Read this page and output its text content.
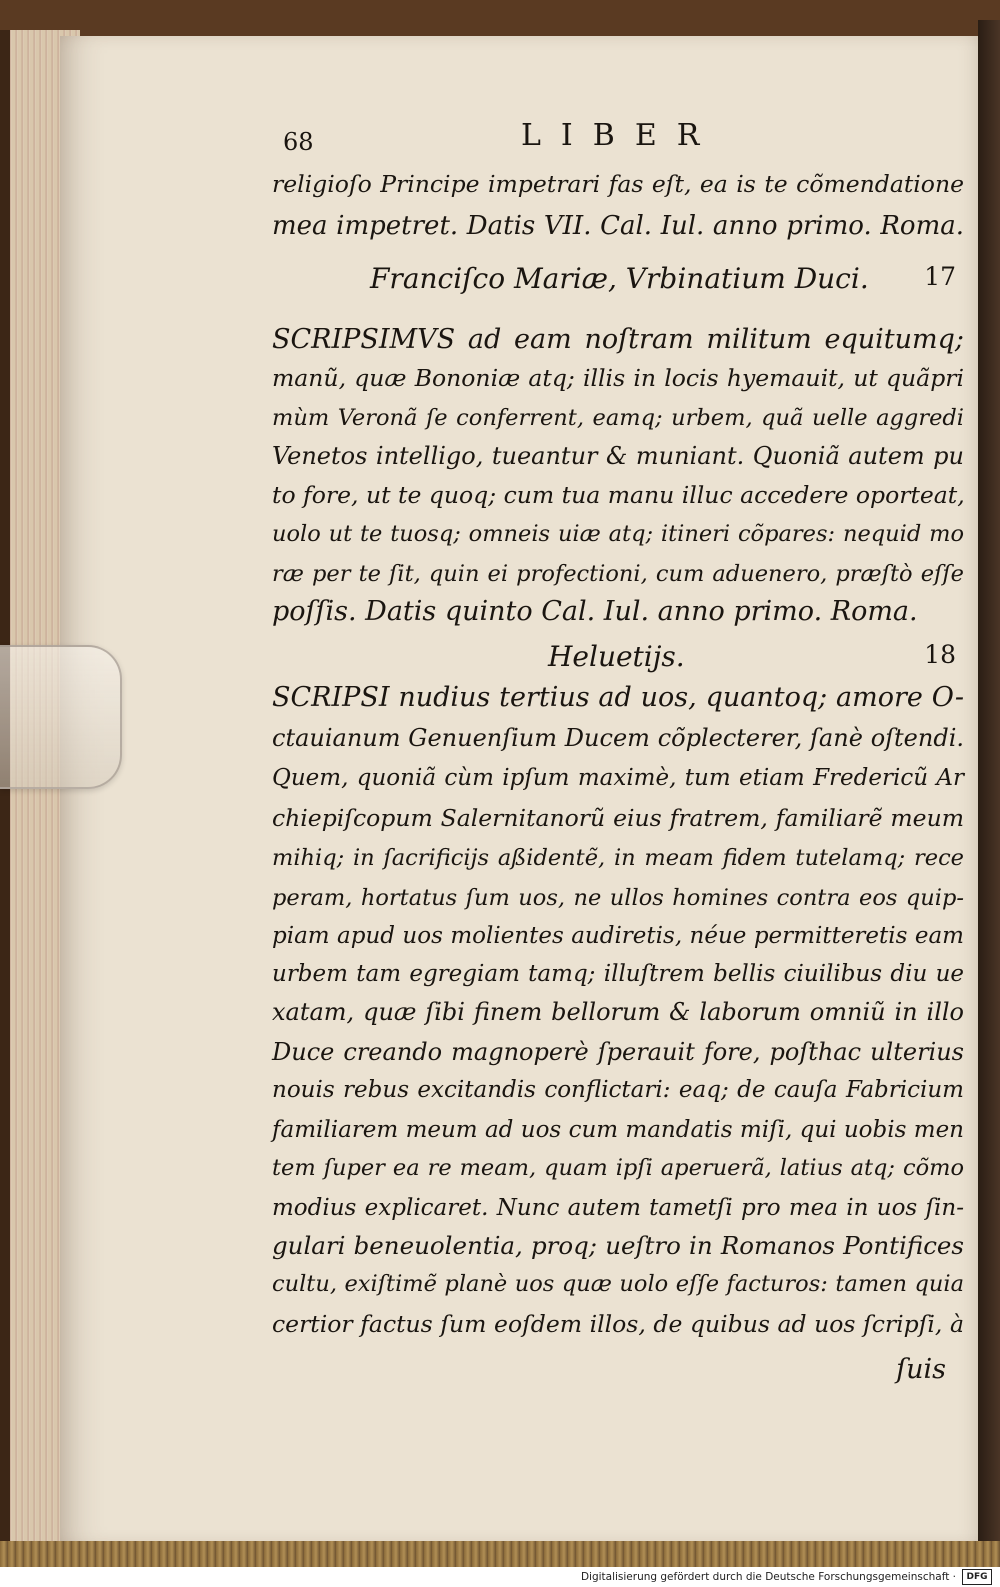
68	LIBER
religioſo Principe impetrari fas eſt, ea is te cõmendatione
mea impetret. Datis VII. Cal. Iul. anno primo. Roma.
Franciſco Mariæ, Vrbinatium Duci. 17
SCRIPSIMVS ad eam noſtram militum equitumq;
manũ, quæ Bononiæ atq; illis in locis hyemauit, ut quãpri
mùm Veronã ſe conferrent, eamq; urbem, quã uelle aggredi
Venetos intelligo, tueantur & muniant. Quoniã autem pu
to fore, ut te quoq; cum tua manu illuc accedere oporteat,
uolo ut te tuosq; omneis uiæ atq; itineri cõpares: nequid mo
ræ per te ſit, quin ei profectioni, cum aduenero, præſtò eſſe
poſſis. Datis quinto Cal. Iul. anno primo. Roma.
Heluetijs.	18
SCRIPSI nudius tertius ad uos, quantoq; amore O-
ctauianum Genuenſium Ducem cõplecterer, ſanè oſtendi.
Quem, quoniã cùm ipſum maximè, tum etiam Fredericũ Ar
chiepiſcopum Salernitanorũ eius fratrem, familiarẽ meum
mihiq; in ſacrificijs aßidentẽ, in meam fidem tutelamq; rece
peram, hortatus ſum uos, ne ullos homines contra eos quip-
piam apud uos molientes audiretis, néue permitteretis eam
urbem tam egregiam tamq; illuſtrem bellis ciuilibus diu ue
xatam, quæ ſibi finem bellorum & laborum omniũ in illo
Duce creando magnoperè ſperauit fore, poſthac ulterius
nouis rebus excitandis conflictari: eaq; de cauſa Fabricium
familiarem meum ad uos cum mandatis miſi, qui uobis men
tem ſuper ea re meam, quam ipſi aperuerã, latius atq; cõmo
modius explicaret. Nunc autem tametſi pro mea in uos ſin-
gulari beneuolentia, proq; ueſtro in Romanos Pontifices
cultu, exiſtimẽ planè uos quæ uolo eſſe facturos: tamen quia
certior factus ſum eoſdem illos, de quibus ad uos ſcripſi, à
ſuis
Digitalisierung gefördert durch die Deutsche Forschungsgemeinschaft ·	DFG
